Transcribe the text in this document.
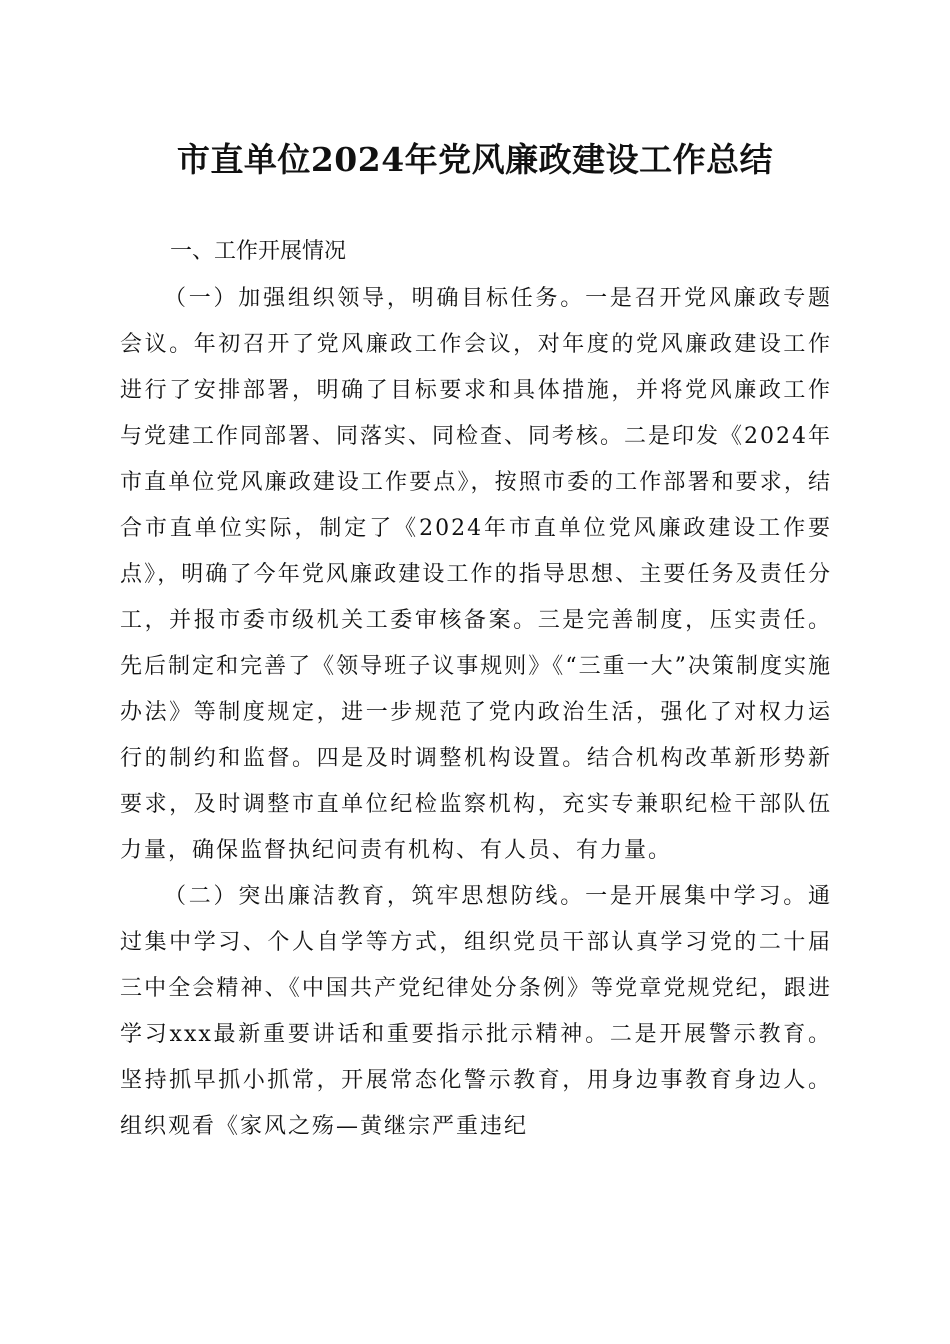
市直单位2024年党风廉政建设工作总结
一、工作开展情况

（一）加强组织领导，明确目标任务。一是召开党风廉政专题会议。年初召开了党风廉政工作会议，对年度的党风廉政建设工作进行了安排部署，明确了目标要求和具体措施，并将党风廉政工作与党建工作同部署、同落实、同检查、同考核。二是印发《2024年市直单位党风廉政建设工作要点》，按照市委的工作部署和要求，结合市直单位实际，制定了《2024年市直单位党风廉政建设工作要点》，明确了今年党风廉政建设工作的指导思想、主要任务及责任分工，并报市委市级机关工委审核备案。三是完善制度，压实责任。先后制定和完善了《领导班子议事规则》《“三重一大”决策制度实施办法》等制度规定，进一步规范了党内政治生活，强化了对权力运行的制约和监督。四是及时调整机构设置。结合机构改革新形势新要求，及时调整市直单位纪检监察机构，充实专兼职纪检干部队伍力量，确保监督执纪问责有机构、有人员、有力量。

（二）突出廉洁教育，筑牢思想防线。一是开展集中学习。通过集中学习、个人自学等方式，组织党员干部认真学习党的二十届三中全会精神、《中国共产党纪律处分条例》等党章党规党纪，跟进学习xxx最新重要讲话和重要指示批示精神。二是开展警示教育。坚持抓早抓小抓常，开展常态化警示教育，用身边事教育身边人。组织观看《家风之殇—黄继宗严重违纪
